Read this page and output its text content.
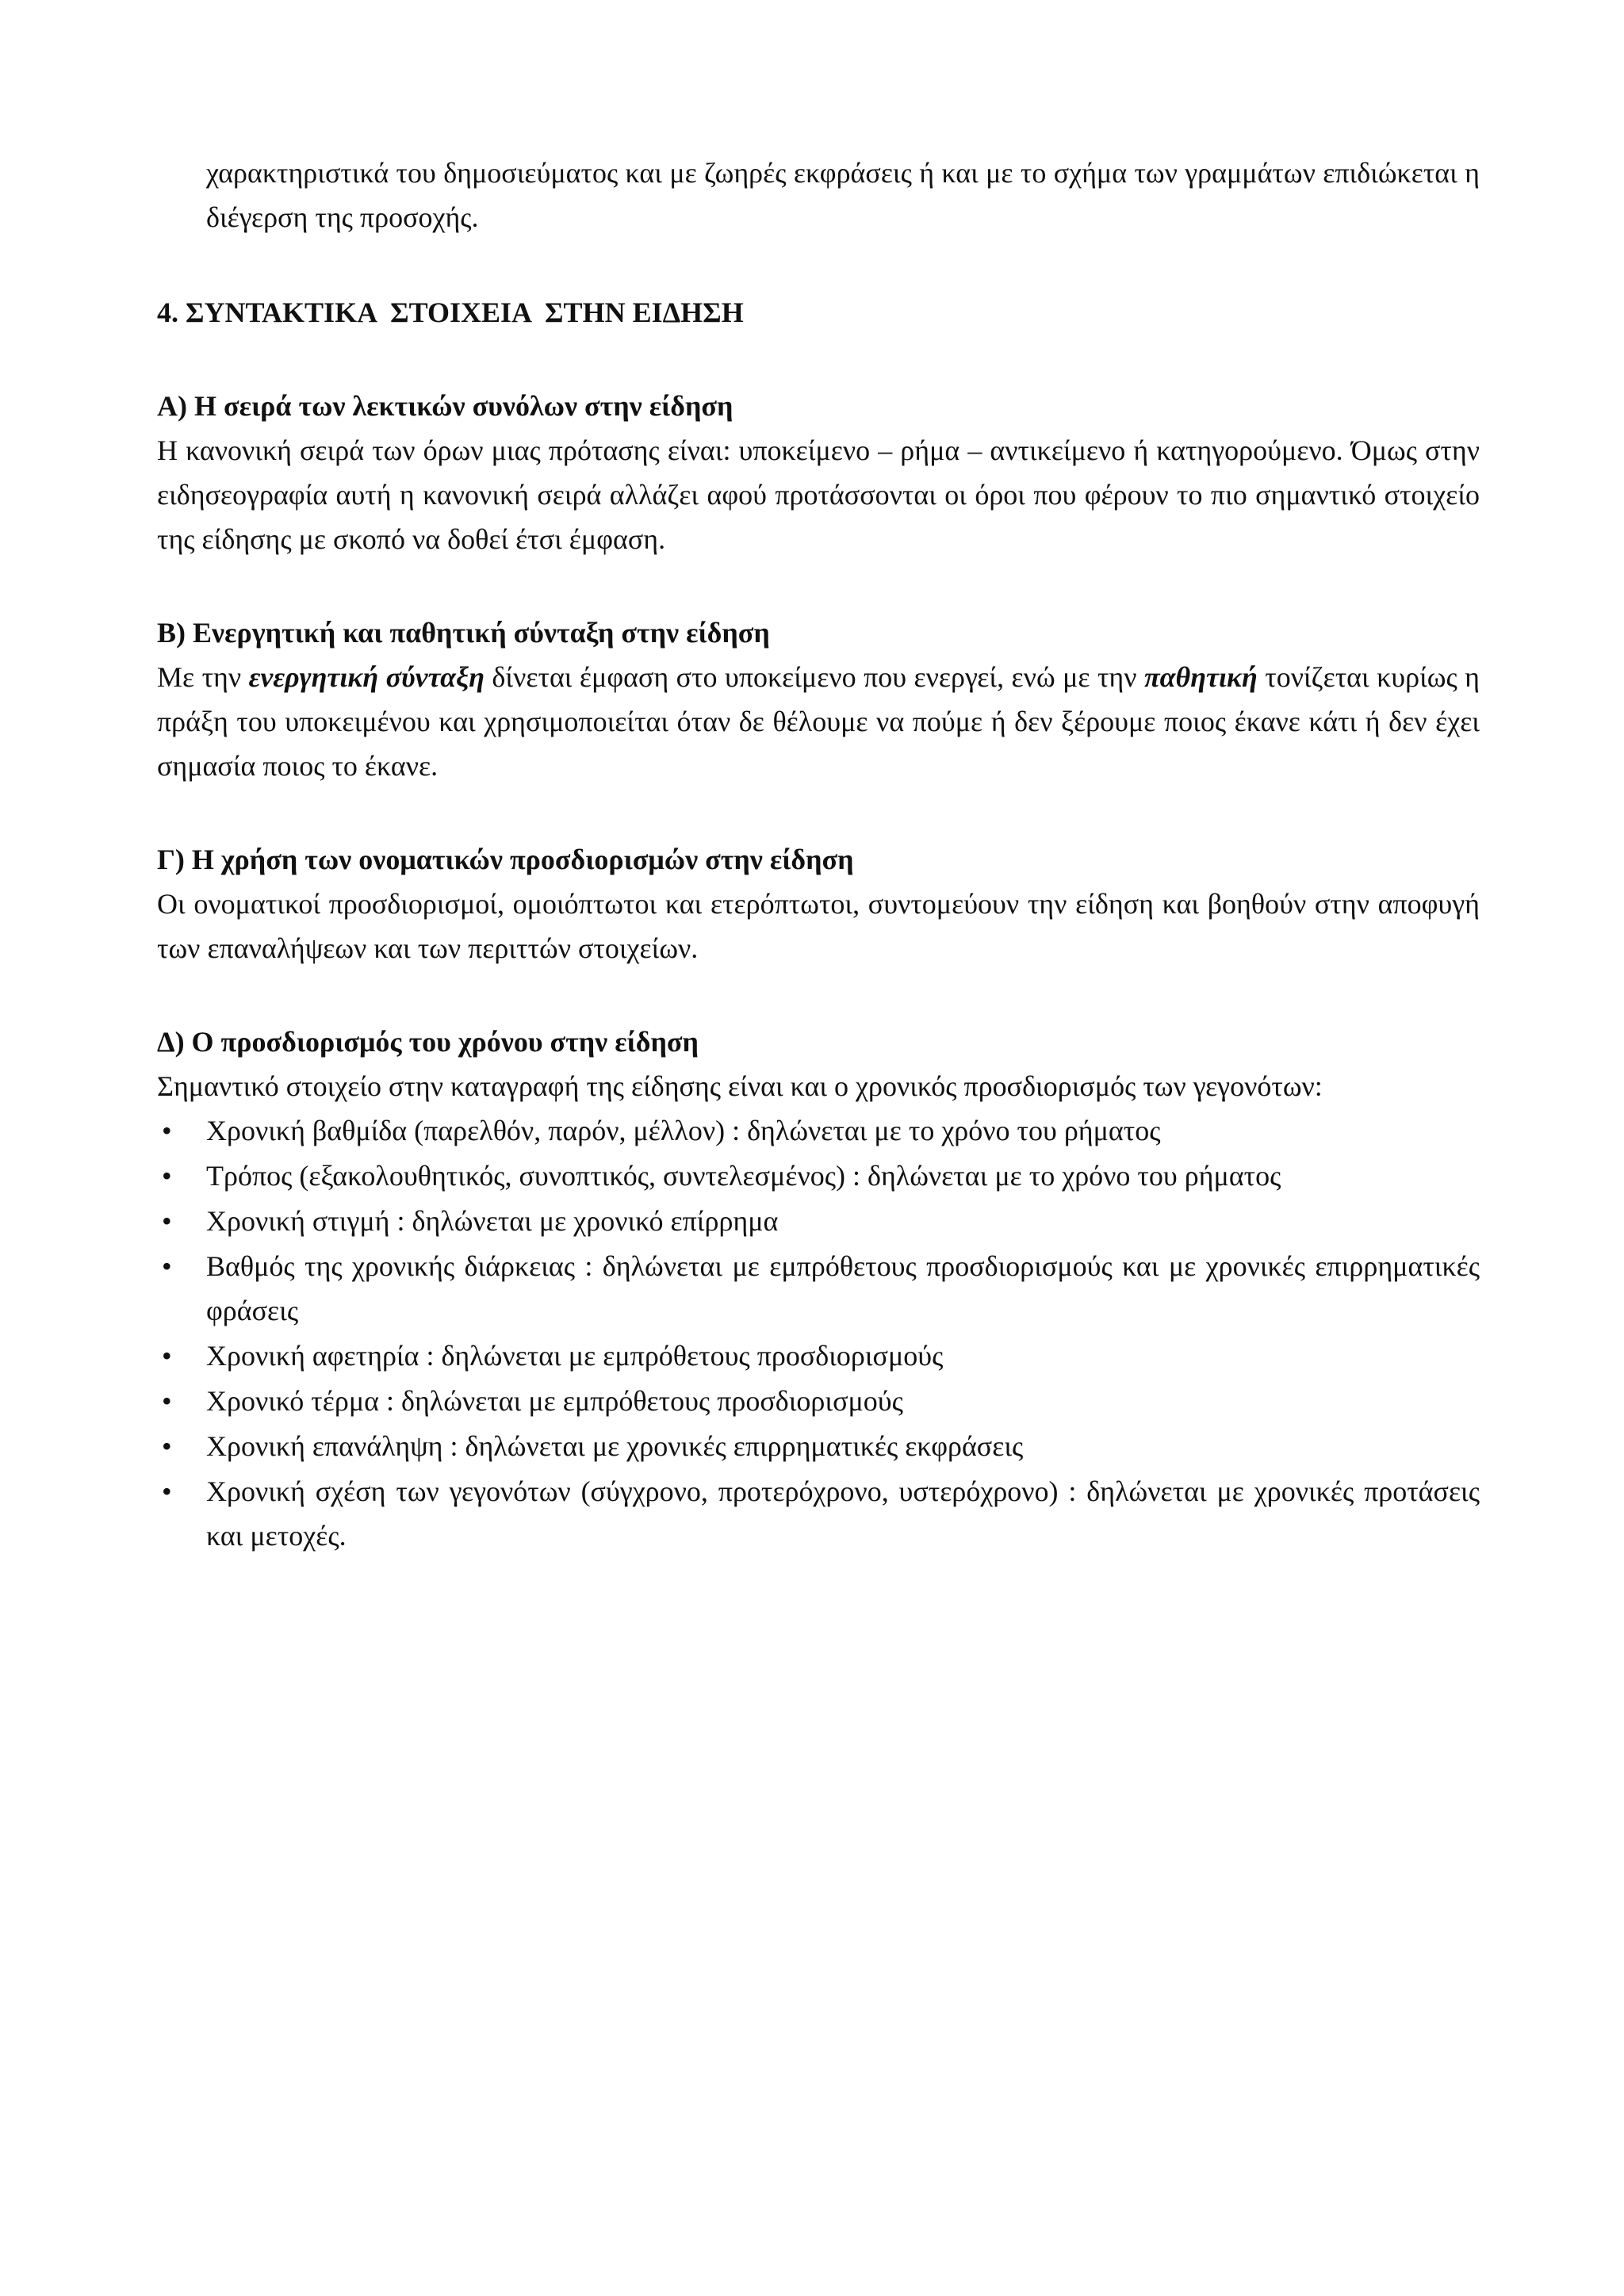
χαρακτηριστικά του δημοσιεύματος και με ζωηρές εκφράσεις ή και με το σχήμα των γραμμάτων επιδιώκεται η διέγερση της προσοχής.

4. ΣΥΝΤΑΚΤΙΚΑ  ΣΤΟΙΧΕΙΑ  ΣΤΗΝ ΕΙΔΗΣΗ

Α) Η σειρά των λεκτικών συνόλων στην είδηση

Η κανονική σειρά των όρων μιας πρότασης είναι: υποκείμενο – ρήμα – αντικείμενο ή κατηγορούμενο. Όμως στην ειδησεογραφία αυτή η κανονική σειρά αλλάζει αφού προτάσσονται οι όροι που φέρουν το πιο σημαντικό στοιχείο της είδησης με σκοπό να δοθεί έτσι έμφαση.

Β) Ενεργητική και παθητική σύνταξη στην είδηση

Με την ενεργητική σύνταξη δίνεται έμφαση στο υποκείμενο που ενεργεί, ενώ με την παθητική τονίζεται κυρίως η πράξη του υποκειμένου και χρησιμοποιείται όταν δε θέλουμε να πούμε ή δεν ξέρουμε ποιος έκανε κάτι ή δεν έχει σημασία ποιος το έκανε.

Γ) Η χρήση των ονοματικών προσδιορισμών στην είδηση

Οι ονοματικοί προσδιορισμοί, ομοιόπτωτοι και ετερόπτωτοι, συντομεύουν την είδηση και βοηθούν στην αποφυγή των επαναλήψεων και των περιττών στοιχείων.

Δ) Ο προσδιορισμός του χρόνου στην είδηση

Σημαντικό στοιχείο στην καταγραφή της είδησης είναι και ο χρονικός προσδιορισμός των γεγονότων:

•	Χρονική βαθμίδα (παρελθόν, παρόν, μέλλον) : δηλώνεται με το χρόνο του ρήματος
•	Τρόπος (εξακολουθητικός, συνοπτικός, συντελεσμένος) : δηλώνεται με το χρόνο του ρήματος
•	Χρονική στιγμή : δηλώνεται με χρονικό επίρρημα
•	Βαθμός της χρονικής διάρκειας : δηλώνεται με εμπρόθετους προσδιορισμούς και με χρονικές επιρρηματικές φράσεις
•	Χρονική αφετηρία : δηλώνεται με εμπρόθετους προσδιορισμούς
•	Χρονικό τέρμα : δηλώνεται με εμπρόθετους προσδιορισμούς
•	Χρονική επανάληψη : δηλώνεται με χρονικές επιρρηματικές εκφράσεις
•	Χρονική σχέση των γεγονότων (σύγχρονο, προτερόχρονο, υστερόχρονο) : δηλώνεται με χρονικές προτάσεις και μετοχές.
